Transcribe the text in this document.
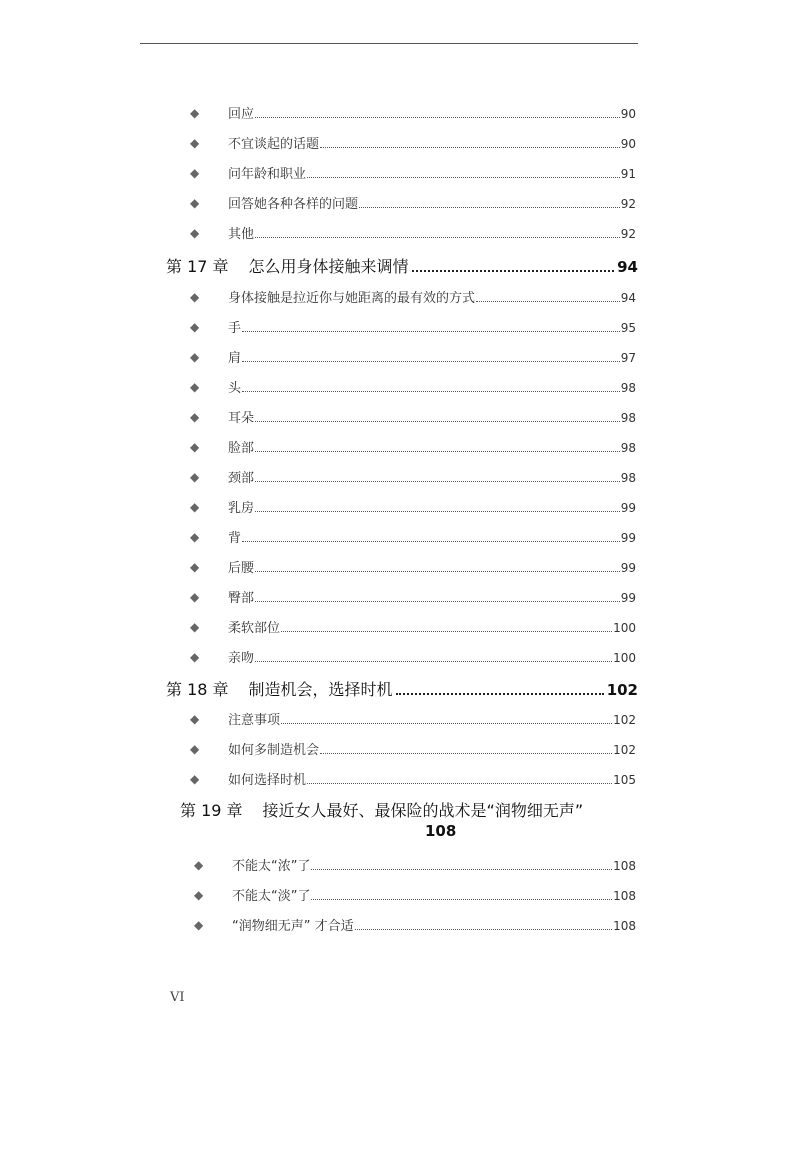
◆ 回应	90
◆ 不宜谈起的话题	90
◆ 问年龄和职业	91
◆ 回答她各种各样的问题	92
◆ 其他	92
第 17 章 怎么用身体接触来调情	94
◆ 身体接触是拉近你与她距离的最有效的方式	94
◆ 手	95
◆ 肩	97
◆ 头	98
◆ 耳朵	98
◆ 脸部	98
◆ 颈部	98
◆ 乳房	99
◆ 背	99
◆ 后腰	99
◆ 臀部	99
◆ 柔软部位	100
◆ 亲吻	100
第 18 章 制造机会，选择时机	102
◆ 注意事项	102
◆ 如何多制造机会	102
◆ 如何选择时机	105
第 19 章 接近女人最好、最保险的战术是“润物细无声”
108
◆ 不能太“浓”了	108
◆ 不能太“淡”了	108
◆ “润物细无声” 才合适	108
VI
